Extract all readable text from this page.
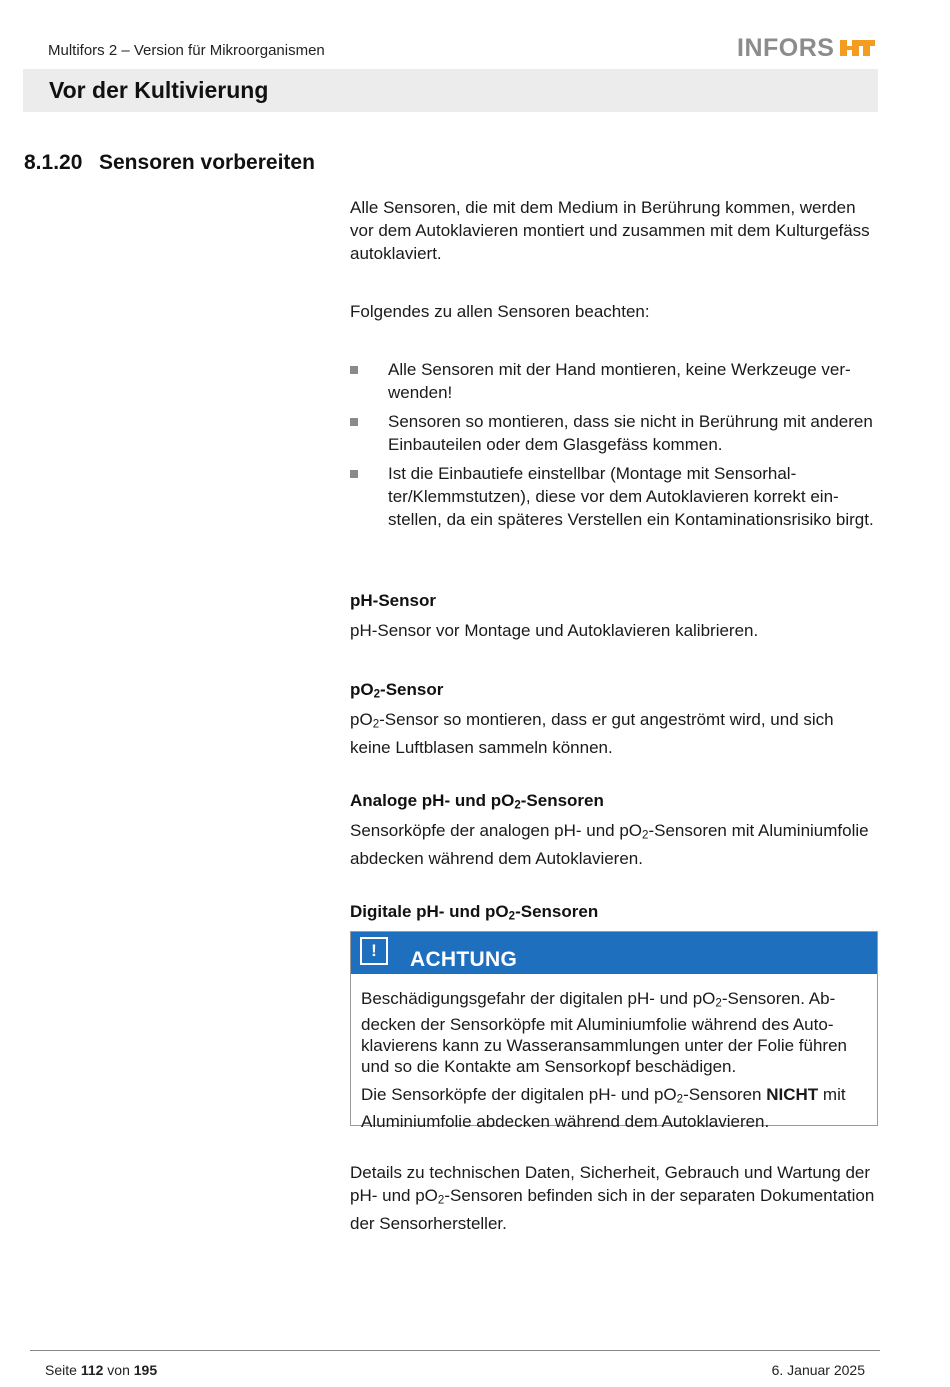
Multifors 2 – Version für Mikroorganismen	INFORS
Vor der Kultivierung
8.1.20 Sensoren vorbereiten

Alle Sensoren, die mit dem Medium in Berührung kommen, werden vor dem Autoklavieren montiert und zusammen mit dem Kulturgefäss autoklaviert.

Folgendes zu allen Sensoren beachten:

Alle Sensoren mit der Hand montieren, keine Werkzeuge verwenden!
Sensoren so montieren, dass sie nicht in Berührung mit anderen Einbauteilen oder dem Glasgefäss kommen.
Ist die Einbautiefe einstellbar (Montage mit Sensorhalter/Klemmstutzen), diese vor dem Autoklavieren korrekt einstellen, da ein späteres Verstellen ein Kontaminationsrisiko birgt.
pH-Sensor

pH-Sensor vor Montage und Autoklavieren kalibrieren.

$pO_2$-Sensor

$pO_2$-Sensor so montieren, dass er gut angeströmt wird, und sich keine Luftblasen sammeln können.

Analoge pH- und $pO_2$-Sensoren

Sensorköpfe der analogen pH- und $pO_2$-Sensoren mit Aluminiumfolie abdecken während dem Autoklavieren.

Digitale pH- und $pO_2$-Sensoren
!	ACHTUNG

Beschädigungsgefahr der digitalen pH- und $pO_2$-Sensoren. Abdecken der Sensorköpfe mit Aluminiumfolie während des Autoklavierens kann zu Wasseransammlungen unter der Folie führen und so die Kontakte am Sensorkopf beschädigen.

Die Sensorköpfe der digitalen pH- und $pO_2$-Sensoren NICHT mit Aluminiumfolie abdecken während dem Autoklavieren.

Details zu technischen Daten, Sicherheit, Gebrauch und Wartung der pH- und $pO_2$-Sensoren befinden sich in der separaten Dokumentation der Sensorhersteller.

Seite 112 von 195	6. Januar 2025
